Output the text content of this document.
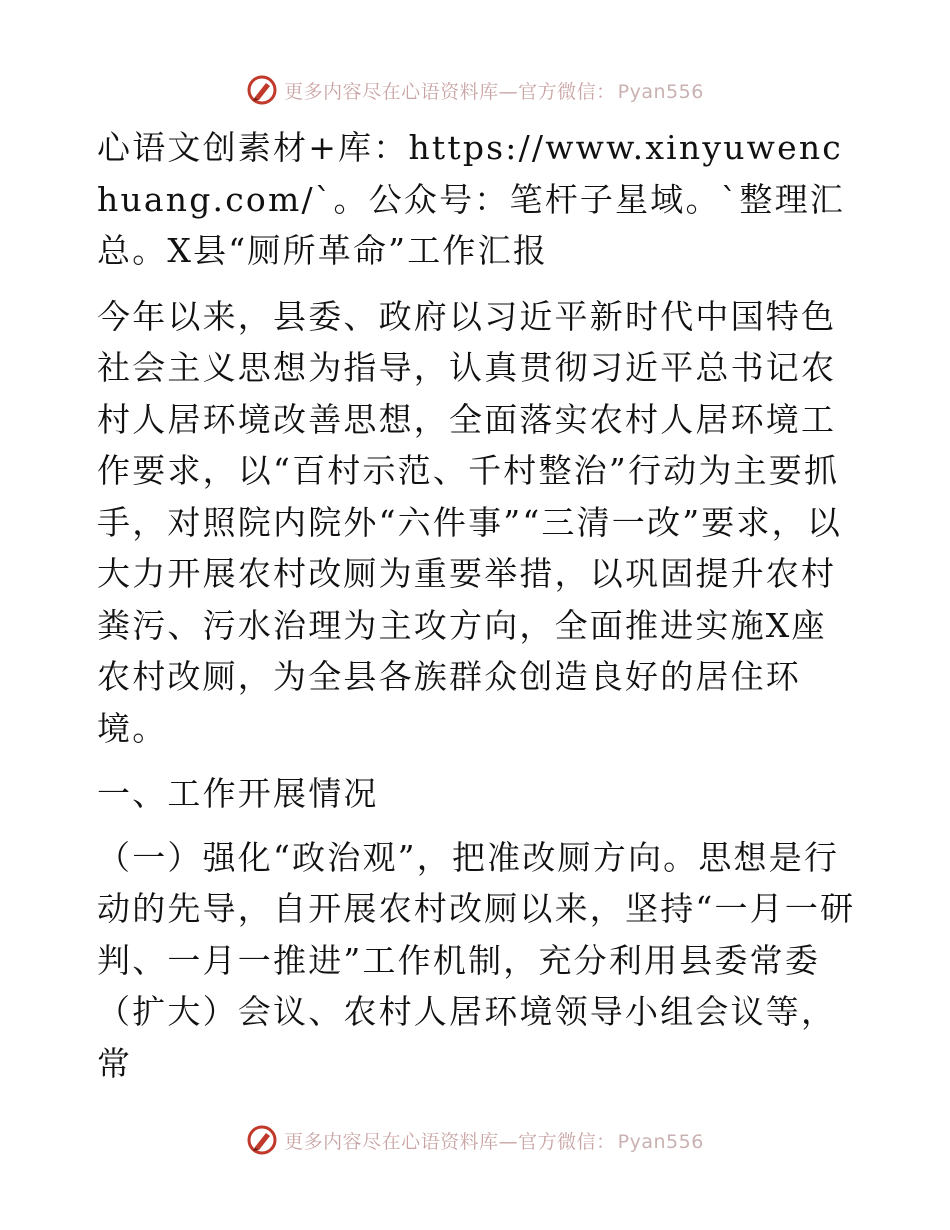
更多内容尽在心语资料库—官方微信： Pyan556

心语文创素材+库：https://www.xinyuwenchuang.com/`。公众号：笔杆子星域。`整理汇总。X县“厕所革命”工作汇报

今年以来，县委、政府以习近平新时代中国特色社会主义思想为指导，认真贯彻习近平总书记农村人居环境改善思想，全面落实农村人居环境工作要求，以“百村示范、千村整治”行动为主要抓手，对照院内院外“六件事”“三清一改”要求，以大力开展农村改厕为重要举措，以巩固提升农村粪污、污水治理为主攻方向，全面推进实施X座农村改厕，为全县各族群众创造良好的居住环境。

一、工作开展情况

（一）强化“政治观”，把准改厕方向。思想是行动的先导，自开展农村改厕以来，坚持“一月一研判、一月一推进”工作机制，充分利用县委常委（扩大）会议、农村人居环境领导小组会议等，常

更多内容尽在心语资料库—官方微信： Pyan556
